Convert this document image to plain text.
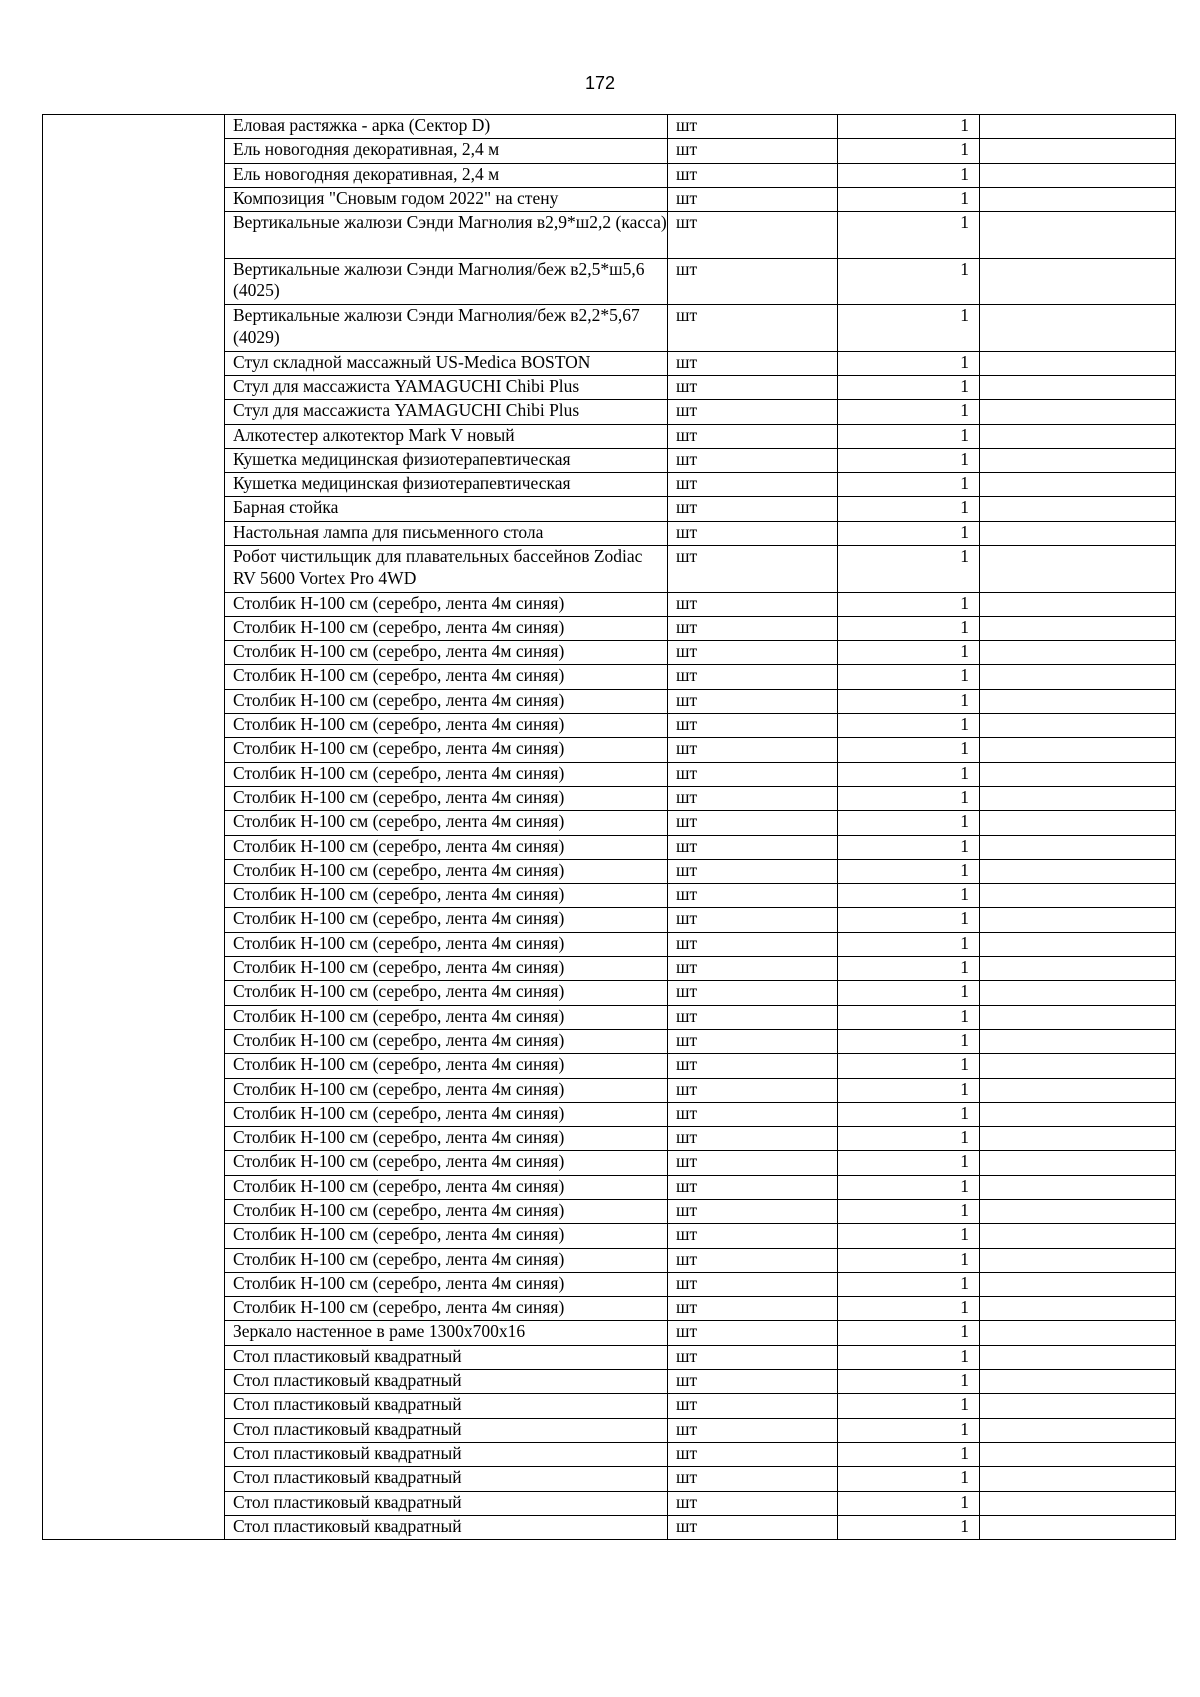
172
	Еловая растяжка - арка (Сектор D)	шт	1	
	Ель новогодняя декоративная, 2,4 м	шт	1	
	Ель новогодняя декоративная, 2,4 м	шт	1	
	Композиция "Сновым годом 2022" на стену	шт	1	
	Вертикальные жалюзи Сэнди Магнолия в2,9*ш2,2 (касса)	шт	1	
	Вертикальные жалюзи Сэнди Магнолия/беж в2,5*ш5,6 (4025)	шт	1	
	Вертикальные жалюзи Сэнди Магнолия/беж в2,2*5,67 (4029)	шт	1	
	Стул складной массажный US-Medica BOSTON	шт	1	
	Стул для массажиста YAMAGUCHI Chibi Plus	шт	1	
	Стул для массажиста YAMAGUCHI Chibi Plus	шт	1	
	Алкотестер алкотектор Mark V новый	шт	1	
	Кушетка медицинская физиотерапевтическая	шт	1	
	Кушетка медицинская физиотерапевтическая	шт	1	
	Барная стойка	шт	1	
	Настольная лампа для письменного стола	шт	1	
	Робот чистильщик для плавательных бассейнов Zodiac RV 5600 Vortex Pro 4WD	шт	1	
	Столбик Н-100 см (серебро, лента 4м синяя)	шт	1	
	Столбик Н-100 см (серебро, лента 4м синяя)	шт	1	
	Столбик Н-100 см (серебро, лента 4м синяя)	шт	1	
	Столбик Н-100 см (серебро, лента 4м синяя)	шт	1	
	Столбик Н-100 см (серебро, лента 4м синяя)	шт	1	
	Столбик Н-100 см (серебро, лента 4м синяя)	шт	1	
	Столбик Н-100 см (серебро, лента 4м синяя)	шт	1	
	Столбик Н-100 см (серебро, лента 4м синяя)	шт	1	
	Столбик Н-100 см (серебро, лента 4м синяя)	шт	1	
	Столбик Н-100 см (серебро, лента 4м синяя)	шт	1	
	Столбик Н-100 см (серебро, лента 4м синяя)	шт	1	
	Столбик Н-100 см (серебро, лента 4м синяя)	шт	1	
	Столбик Н-100 см (серебро, лента 4м синяя)	шт	1	
	Столбик Н-100 см (серебро, лента 4м синяя)	шт	1	
	Столбик Н-100 см (серебро, лента 4м синяя)	шт	1	
	Столбик Н-100 см (серебро, лента 4м синяя)	шт	1	
	Столбик Н-100 см (серебро, лента 4м синяя)	шт	1	
	Столбик Н-100 см (серебро, лента 4м синяя)	шт	1	
	Столбик Н-100 см (серебро, лента 4м синяя)	шт	1	
	Столбик Н-100 см (серебро, лента 4м синяя)	шт	1	
	Столбик Н-100 см (серебро, лента 4м синяя)	шт	1	
	Столбик Н-100 см (серебро, лента 4м синяя)	шт	1	
	Столбик Н-100 см (серебро, лента 4м синяя)	шт	1	
	Столбик Н-100 см (серебро, лента 4м синяя)	шт	1	
	Столбик Н-100 см (серебро, лента 4м синяя)	шт	1	
	Столбик Н-100 см (серебро, лента 4м синяя)	шт	1	
	Столбик Н-100 см (серебро, лента 4м синяя)	шт	1	
	Столбик Н-100 см (серебро, лента 4м синяя)	шт	1	
	Столбик Н-100 см (серебро, лента 4м синяя)	шт	1	
	Столбик Н-100 см (серебро, лента 4м синяя)	шт	1	
	Зеркало настенное в раме 1300х700х16	шт	1	
	Стол пластиковый квадратный	шт	1	
	Стол пластиковый квадратный	шт	1	
	Стол пластиковый квадратный	шт	1	
	Стол пластиковый квадратный	шт	1	
	Стол пластиковый квадратный	шт	1	
	Стол пластиковый квадратный	шт	1	
	Стол пластиковый квадратный	шт	1	
	Стол пластиковый квадратный	шт	1	
